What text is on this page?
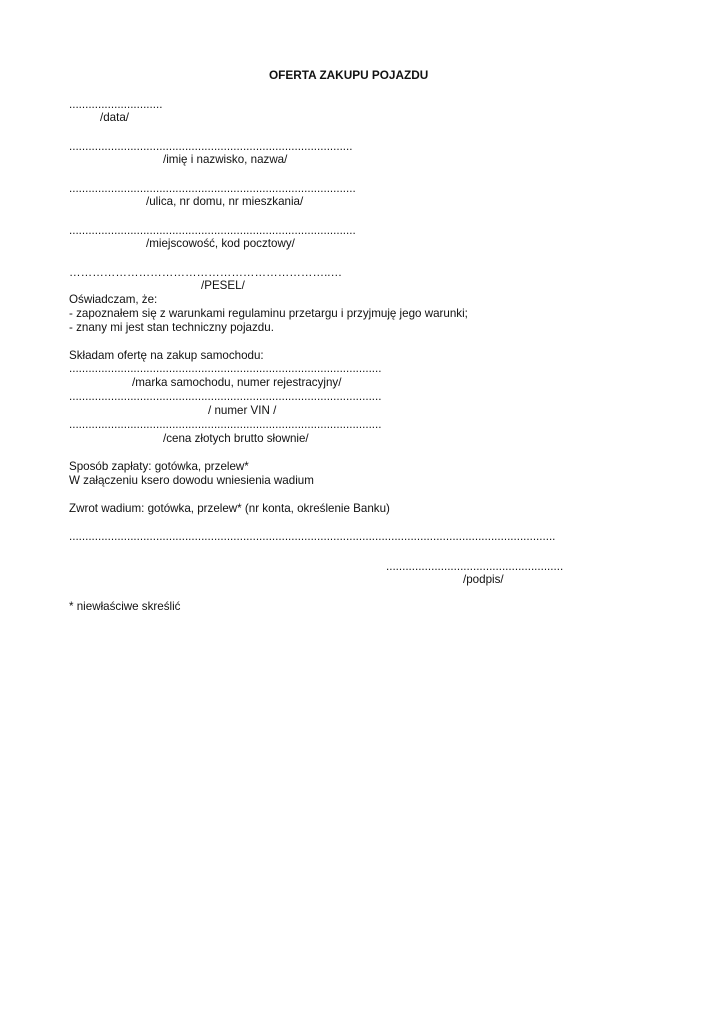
OFERTA ZAKUPU POJAZDU
.............................
/data/
........................................................................................
/imię i nazwisko, nazwa/
.........................................................................................
/ulica, nr domu, nr mieszkania/
.........................................................................................
/miejscowość, kod pocztowy/
…………………………………………………………..…
/PESEL/
Oświadczam, że:
- zapoznałem się z warunkami regulaminu przetargu i przyjmuję jego warunki;
- znany mi jest stan techniczny pojazdu.
Składam ofertę na zakup samochodu:
.................................................................................................
/marka samochodu, numer rejestracyjny/
.................................................................................................
/ numer VIN /
.................................................................................................
/cena złotych brutto słownie/
Sposób zapłaty: gotówka, przelew*
W załączeniu ksero dowodu wniesienia wadium
Zwrot wadium: gotówka, przelew* (nr konta, określenie Banku)
.......................................................................................................................................................
.......................................................
/podpis/
* niewłaściwe skreślić
